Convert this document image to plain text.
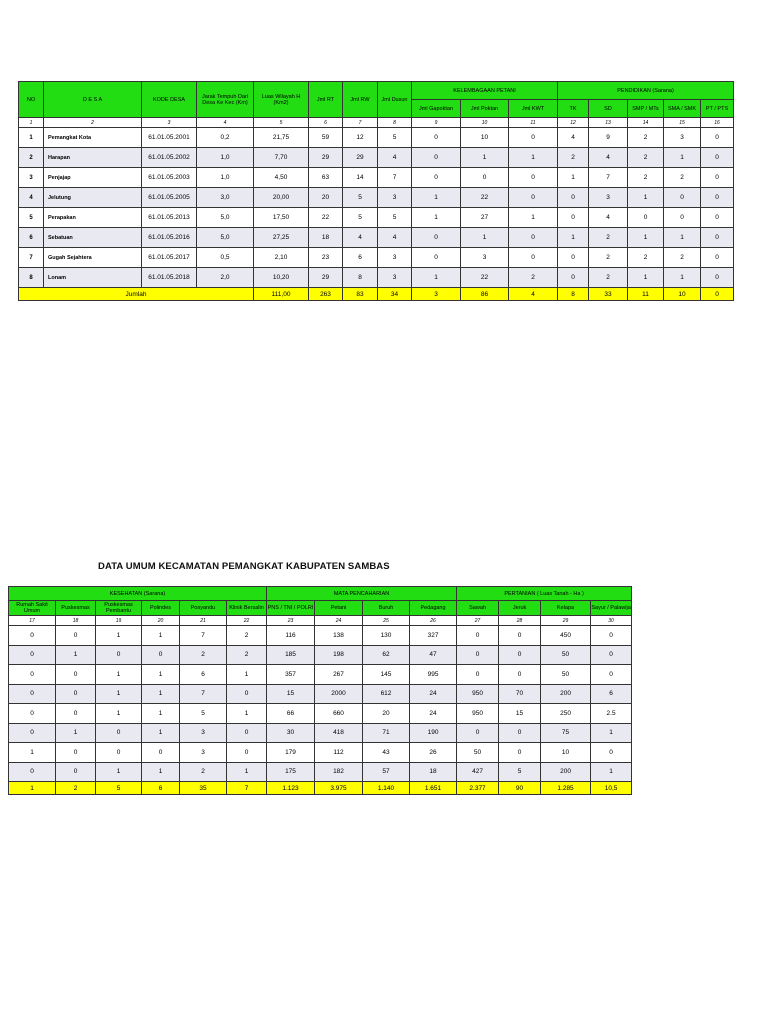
NO	D E S A	KODE DESA	Jarak Tempuh Dari Desa Ke Kec (Km)	Luas Wilayah H (Km2)	Jml RT	Jml RW	Jml Dusun	KELEMBAGAAN PETANI			PENDIDIKAN (Sarana)				
								Jml Gapoktan	Jml Poktan	Jml KWT	TK	SD	SMP / MTs	SMA / SMK	PT / PTS
1	2	3	4	5	6	7	8	9	10	11	12	13	14	15	16
1	Pemangkat Kota	61.01.05.2001	0,2	21,75	59	12	5	0	10	0	4	9	2	3	0
2	Harapan	61.01.05.2002	1,0	7,70	29	29	4	0	1	1	2	4	2	1	0
3	Penjajap	61.01.05.2003	1,0	4,50	63	14	7	0	0	0	1	7	2	2	0
4	Jelutung	61.01.05.2005	3,0	20,00	20	5	3	1	22	0	0	3	1	0	0
5	Perapakan	61.01.05.2013	5,0	17,50	22	5	5	1	27	1	0	4	0	0	0
6	Sebatuan	61.01.05.2016	5,0	27,25	18	4	4	0	1	0	1	2	1	1	0
7	Gugah Sejahtera	61.01.05.2017	0,5	2,10	23	6	3	0	3	0	0	2	2	2	0
8	Lonam	61.01.05.2018	2,0	10,20	29	8	3	1	22	2	0	2	1	1	0
Jumlah				111,00	263	83	34	3	86	4	8	33	11	10	0
DATA UMUM KECAMATAN PEMANGKAT KABUPATEN SAMBAS
KESEHATAN (Sarana)						MATA PENCAHARIAN				PERTANIAN ( Luas Tanah - Ha )			
Rumah Sakit Umum	Puskesmas	Puskesmas Pembantu	Polindes	Posyandu	Klinik Bersalin	PNS / TNI / POLRI	Petani	Buruh	Pedagang	Sawah	Jeruk	Kelapa	Sayur / Palawija
17	18	19	20	21	22	23	24	25	26	27	28	29	30
0	0	1	1	7	2	116	138	130	327	0	0	450	0
0	1	0	0	2	2	185	198	62	47	0	0	50	0
0	0	1	1	6	1	357	267	145	995	0	0	50	0
0	0	1	1	7	0	15	2000	612	24	950	70	200	6
0	0	1	1	5	1	66	660	20	24	950	15	250	2.5
0	1	0	1	3	0	30	418	71	190	0	0	75	1
1	0	0	0	3	0	179	112	43	26	50	0	10	0
0	0	1	1	2	1	175	182	57	18	427	5	200	1
1	2	5	6	35	7	1.123	3.975	1.140	1.651	2.377	90	1.285	10,5
